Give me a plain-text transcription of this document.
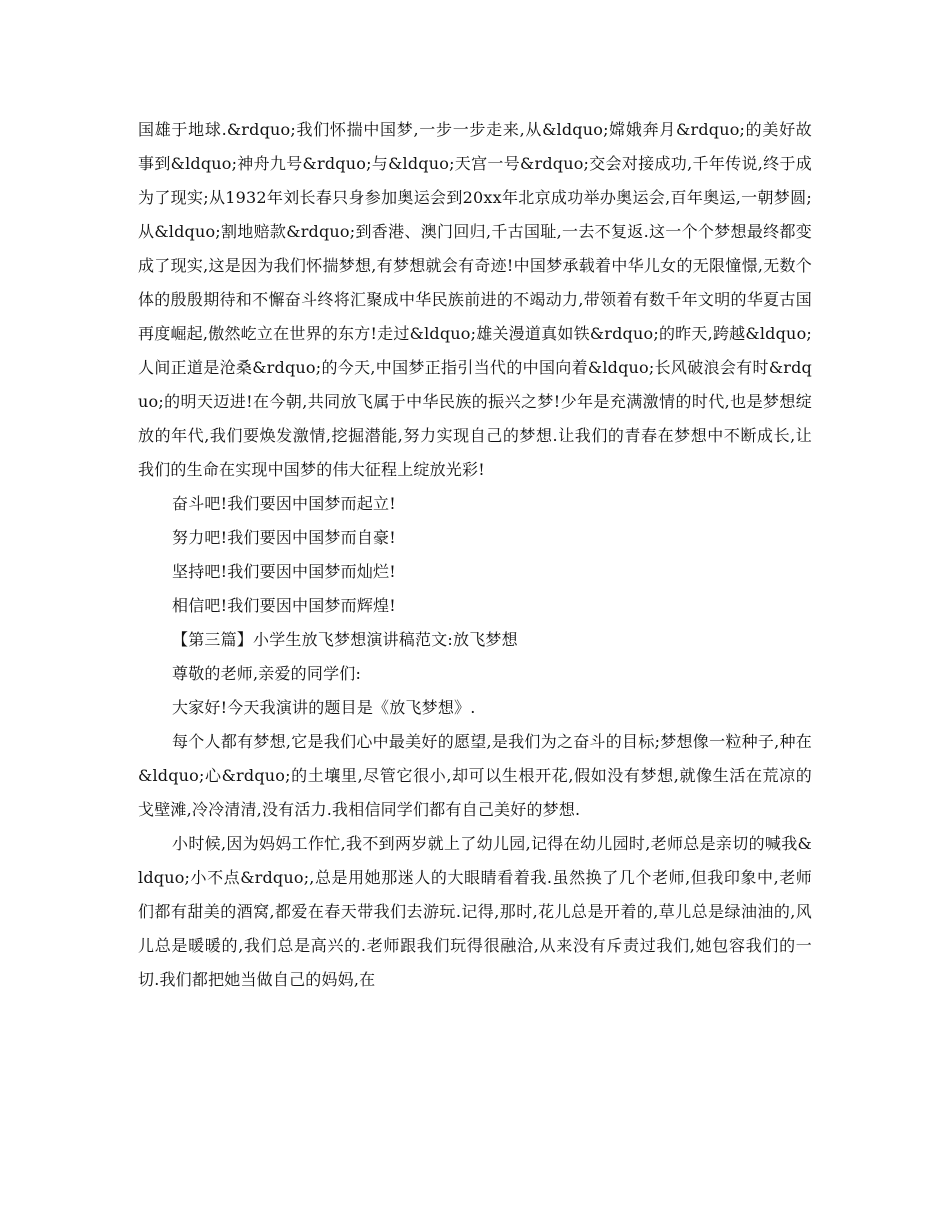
国雄于地球.&rdquo;我们怀揣中国梦,一步一步走来,从&ldquo;嫦娥奔月&rdquo;的美好故事到&ldquo;神舟九号&rdquo;与&ldquo;天宫一号&rdquo;交会对接成功,千年传说,终于成为了现实;从1932年刘长春只身参加奥运会到20xx年北京成功举办奥运会,百年奥运,一朝梦圆;从&ldquo;割地赔款&rdquo;到香港、澳门回归,千古国耻,一去不复返.这一个个梦想最终都变成了现实,这是因为我们怀揣梦想,有梦想就会有奇迹!中国梦承载着中华儿女的无限憧憬,无数个体的殷殷期待和不懈奋斗终将汇聚成中华民族前进的不竭动力,带领着有数千年文明的华夏古国再度崛起,傲然屹立在世界的东方!走过&ldquo;雄关漫道真如铁&rdquo;的昨天,跨越&ldquo;人间正道是沧桑&rdquo;的今天,中国梦正指引当代的中国向着&ldquo;长风破浪会有时&rdquo;的明天迈进!在今朝,共同放飞属于中华民族的振兴之梦!少年是充满激情的时代,也是梦想绽放的年代,我们要焕发激情,挖掘潜能,努力实现自己的梦想.让我们的青春在梦想中不断成长,让我们的生命在实现中国梦的伟大征程上绽放光彩!

奋斗吧!我们要因中国梦而起立!

努力吧!我们要因中国梦而自豪!

坚持吧!我们要因中国梦而灿烂!

相信吧!我们要因中国梦而辉煌!

【第三篇】小学生放飞梦想演讲稿范文:放飞梦想

尊敬的老师,亲爱的同学们:

大家好!今天我演讲的题目是《放飞梦想》.

每个人都有梦想,它是我们心中最美好的愿望,是我们为之奋斗的目标;梦想像一粒种子,种在&ldquo;心&rdquo;的土壤里,尽管它很小,却可以生根开花,假如没有梦想,就像生活在荒凉的戈壁滩,冷冷清清,没有活力.我相信同学们都有自己美好的梦想.

小时候,因为妈妈工作忙,我不到两岁就上了幼儿园,记得在幼儿园时,老师总是亲切的喊我&ldquo;小不点&rdquo;,总是用她那迷人的大眼睛看着我.虽然换了几个老师,但我印象中,老师们都有甜美的酒窝,都爱在春天带我们去游玩.记得,那时,花儿总是开着的,草儿总是绿油油的,风儿总是暖暖的,我们总是高兴的.老师跟我们玩得很融洽,从来没有斥责过我们,她包容我们的一切.我们都把她当做自己的妈妈,在
